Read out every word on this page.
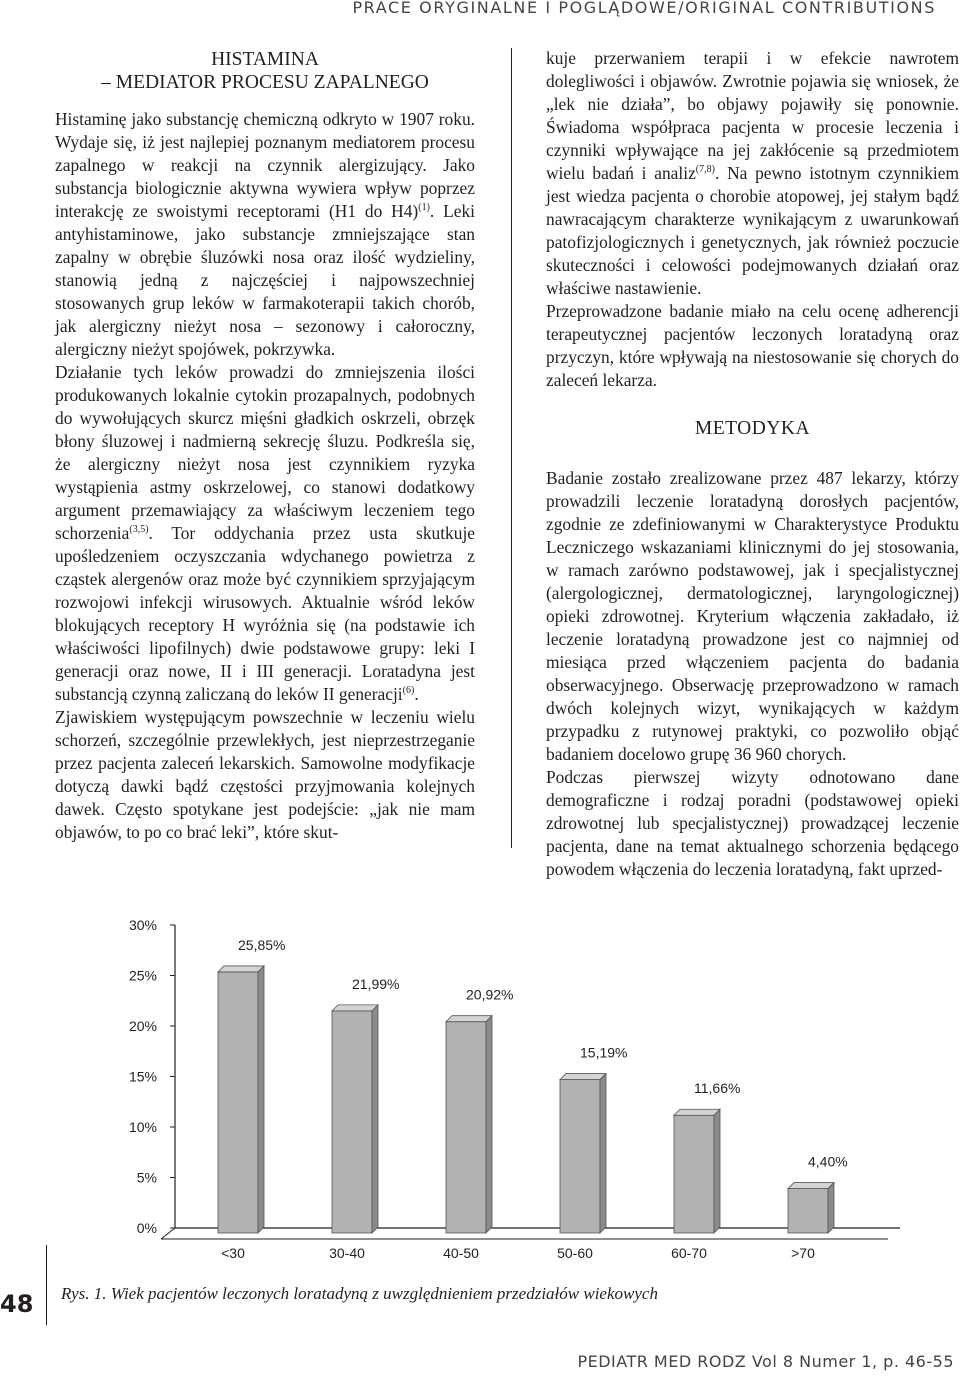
PRACE ORYGINALNE I POGLĄDOWE/ORIGINAL CONTRIBUTIONS
HISTAMINA
– MEDIATOR PROCESU ZAPALNEGO

Histaminę jako substancję chemiczną odkryto w 1907 roku. Wydaje się, iż jest najlepiej poznanym mediatorem procesu zapalnego w reakcji na czynnik alergizujący. Jako substancja biologicznie aktywna wywiera wpływ poprzez interakcję ze swoistymi receptorami (H1 do H4)$^{(1)}$. Leki antyhistaminowe, jako substancje zmniejszające stan zapalny w obrębie śluzówki nosa oraz ilość wydzieliny, stanowią jedną z najczęściej i najpowszechniej stosowanych grup leków w farmakoterapii takich chorób, jak alergiczny nieżyt nosa – sezonowy i całoroczny, alergiczny nieżyt spojówek, pokrzywka.

Działanie tych leków prowadzi do zmniejszenia ilości produkowanych lokalnie cytokin prozapalnych, podobnych do wywołujących skurcz mięśni gładkich oskrzeli, obrzęk błony śluzowej i nadmierną sekrecję śluzu. Podkreśla się, że alergiczny nieżyt nosa jest czynnikiem ryzyka wystąpienia astmy oskrzelowej, co stanowi dodatkowy argument przemawiający za właściwym leczeniem tego schorzenia$^{(3,5)}$. Tor oddychania przez usta skutkuje upośledzeniem oczyszczania wdychanego powietrza z cząstek alergenów oraz może być czynnikiem sprzyjającym rozwojowi infekcji wirusowych. Aktualnie wśród leków blokujących receptory H wyróżnia się (na podstawie ich właściwości lipofilnych) dwie podstawowe grupy: leki I generacji oraz nowe, II i III generacji. Loratadyna jest substancją czynną zaliczaną do leków II generacji$^{(6)}$.

Zjawiskiem występującym powszechnie w leczeniu wielu schorzeń, szczególnie przewlekłych, jest nieprzestrzeganie przez pacjenta zaleceń lekarskich. Samowolne modyfikacje dotyczą dawki bądź częstości przyjmowania kolejnych dawek. Często spotykane jest podejście: „jak nie mam objawów, to po co brać leki”, które skut-

kuje przerwaniem terapii i w efekcie nawrotem dolegliwości i objawów. Zwrotnie pojawia się wniosek, że „lek nie działa”, bo objawy pojawiły się ponownie. Świadoma współpraca pacjenta w procesie leczenia i czynniki wpływające na jej zakłócenie są przedmiotem wielu badań i analiz$^{(7,8)}$. Na pewno istotnym czynnikiem jest wiedza pacjenta o chorobie atopowej, jej stałym bądź nawracającym charakterze wynikającym z uwarunkowań patofizjologicznych i genetycznych, jak również poczucie skuteczności i celowości podejmowanych działań oraz właściwe nastawienie.

Przeprowadzone badanie miało na celu ocenę adherencji terapeutycznej pacjentów leczonych loratadyną oraz przyczyn, które wpływają na niestosowanie się chorych do zaleceń lekarza.

METODYKA

Badanie zostało zrealizowane przez 487 lekarzy, którzy prowadzili leczenie loratadyną dorosłych pacjentów, zgodnie ze zdefiniowanymi w Charakterystyce Produktu Leczniczego wskazaniami klinicznymi do jej stosowania, w ramach zarówno podstawowej, jak i specjalistycznej (alergologicznej, dermatologicznej, laryngologicznej) opieki zdrowotnej. Kryterium włączenia zakładało, iż leczenie loratadyną prowadzone jest co najmniej od miesiąca przed włączeniem pacjenta do badania obserwacyjnego. Obserwację przeprowadzono w ramach dwóch kolejnych wizyt, wynikających w każdym przypadku z rutynowej praktyki, co pozwoliło objąć badaniem docelowo grupę 36 960 chorych.

Podczas pierwszej wizyty odnotowano dane demograficzne i rodzaj poradni (podstawowej opieki zdrowotnej lub specjalistycznej) prowadzącej leczenie pacjenta, dane na temat aktualnego schorzenia będącego powodem włączenia do leczenia loratadyną, fakt uprzed-

0%
5%
10%
15%
20%
25%
30%
25,85%
<30
21,99%
30-40
20,92%
40-50
15,19%
50-60
11,66%
60-70
4,40%
>70
48 Rys. 1. Wiek pacjentów leczonych loratadyną z uwzględnieniem przedziałów wiekowych
PEDIATR MED RODZ Vol 8 Numer 1, p. 46-55
